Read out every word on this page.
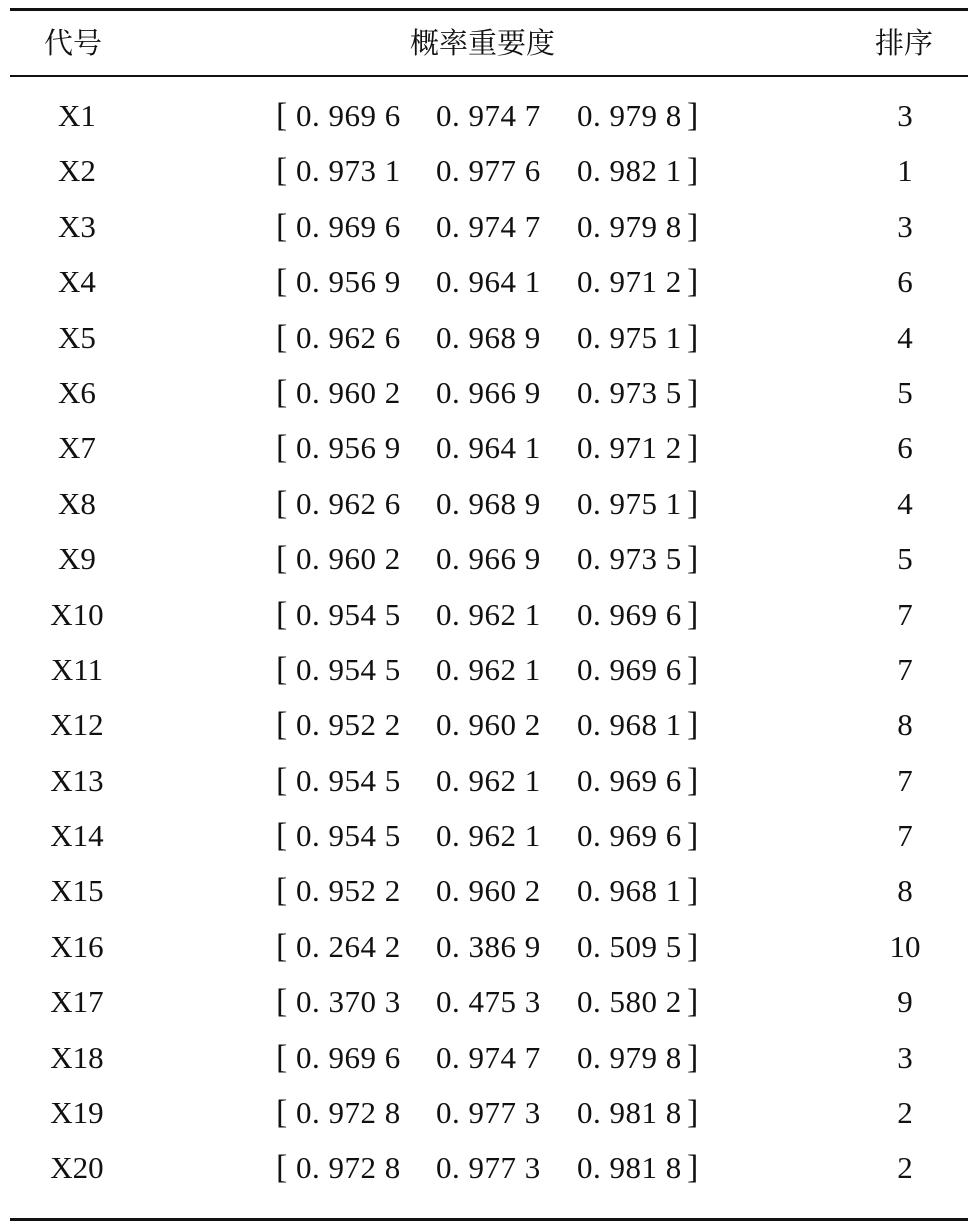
代号	概率重要度	排序
X1	[ 0. 969 6 0. 974 7 0. 979 8 ]	3
X2	[ 0. 973 1 0. 977 6 0. 982 1 ]	1
X3	[ 0. 969 6 0. 974 7 0. 979 8 ]	3
X4	[ 0. 956 9 0. 964 1 0. 971 2 ]	6
X5	[ 0. 962 6 0. 968 9 0. 975 1 ]	4
X6	[ 0. 960 2 0. 966 9 0. 973 5 ]	5
X7	[ 0. 956 9 0. 964 1 0. 971 2 ]	6
X8	[ 0. 962 6 0. 968 9 0. 975 1 ]	4
X9	[ 0. 960 2 0. 966 9 0. 973 5 ]	5
X10	[ 0. 954 5 0. 962 1 0. 969 6 ]	7
X11	[ 0. 954 5 0. 962 1 0. 969 6 ]	7
X12	[ 0. 952 2 0. 960 2 0. 968 1 ]	8
X13	[ 0. 954 5 0. 962 1 0. 969 6 ]	7
X14	[ 0. 954 5 0. 962 1 0. 969 6 ]	7
X15	[ 0. 952 2 0. 960 2 0. 968 1 ]	8
X16	[ 0. 264 2 0. 386 9 0. 509 5 ]	10
X17	[ 0. 370 3 0. 475 3 0. 580 2 ]	9
X18	[ 0. 969 6 0. 974 7 0. 979 8 ]	3
X19	[ 0. 972 8 0. 977 3 0. 981 8 ]	2
X20	[ 0. 972 8 0. 977 3 0. 981 8 ]	2
